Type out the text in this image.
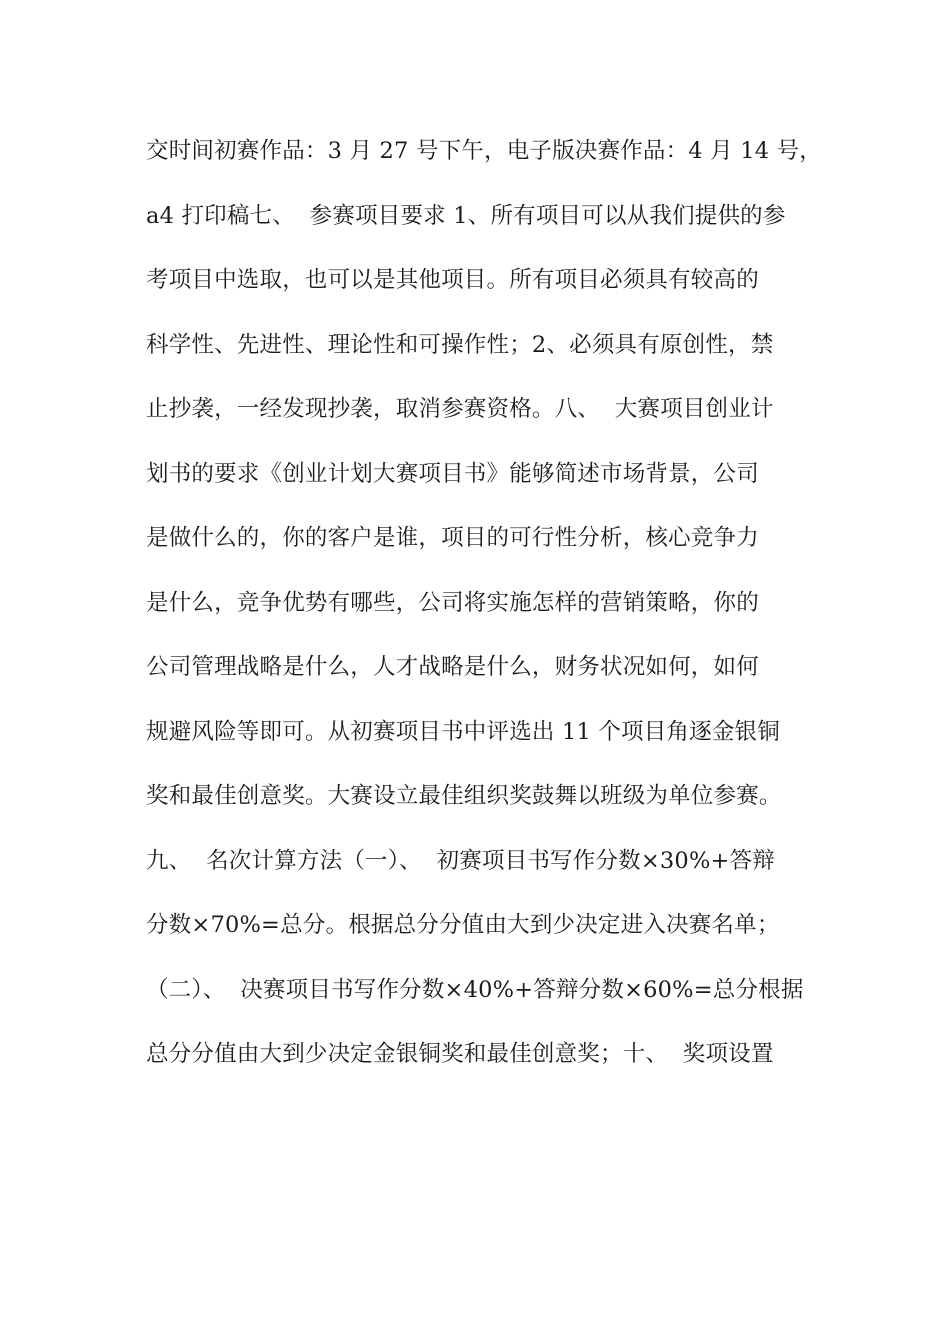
交时间初赛作品：3 月 27 号下午，电子版决赛作品：4 月 14 号，
a4 打印稿七、  参赛项目要求 1、所有项目可以从我们提供的参
考项目中选取，也可以是其他项目。所有项目必须具有较高的
科学性、先进性、理论性和可操作性；2、必须具有原创性，禁
止抄袭，一经发现抄袭，取消参赛资格。八、  大赛项目创业计
划书的要求《创业计划大赛项目书》能够简述市场背景，公司
是做什么的，你的客户是谁，项目的可行性分析，核心竞争力
是什么，竞争优势有哪些，公司将实施怎样的营销策略，你的
公司管理战略是什么，人才战略是什么，财务状况如何，如何
规避风险等即可。从初赛项目书中评选出 11 个项目角逐金银铜
奖和最佳创意奖。大赛设立最佳组织奖鼓舞以班级为单位参赛。
九、  名次计算方法（一）、  初赛项目书写作分数×30%+答辩
分数×70%=总分。根据总分分值由大到少决定进入决赛名单；
（二）、  决赛项目书写作分数×40%+答辩分数×60%=总分根据
总分分值由大到少决定金银铜奖和最佳创意奖；十、  奖项设置
